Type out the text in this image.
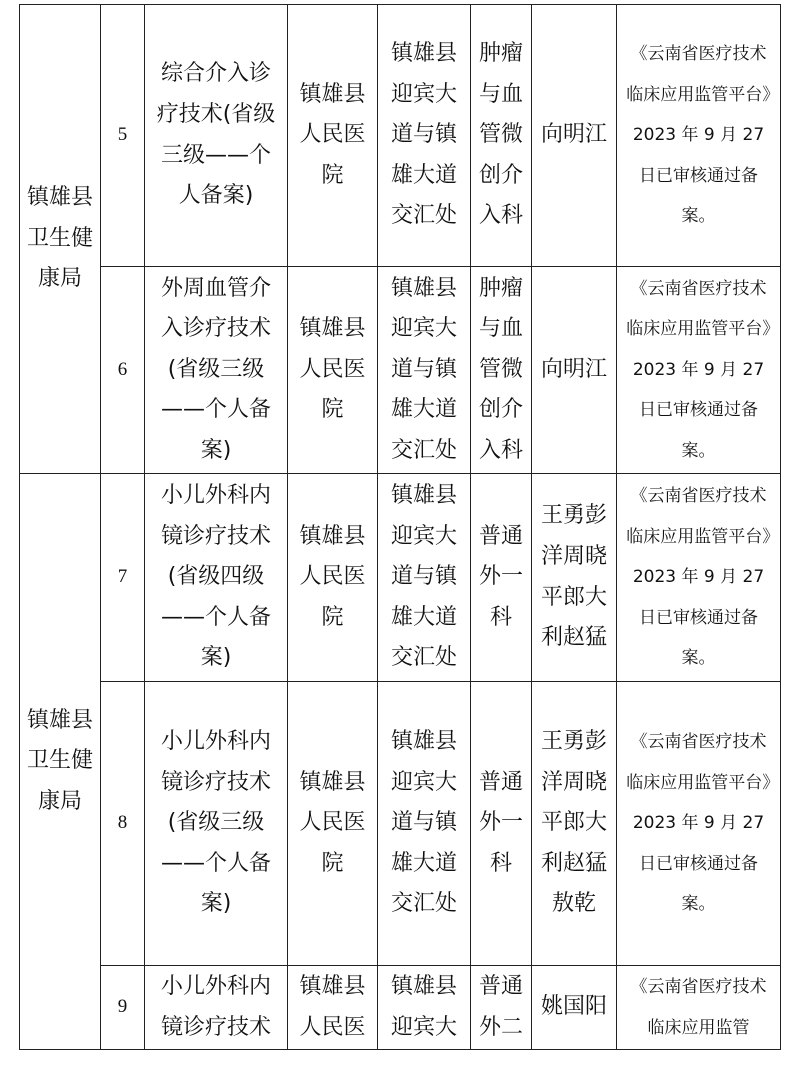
镇雄县卫生健康局	5	综合介入诊疗技术(省级三级——个人备案)	镇雄县人民医院	镇雄县迎宾大道与镇雄大道交汇处	肿瘤与血管微创介入科	向明江	《云南省医疗技术临床应用监管平台》2023 年 9 月 27 日已审核通过备案。
	6	外周血管介入诊疗技术(省级三级——个人备案)	镇雄县人民医院	镇雄县迎宾大道与镇雄大道交汇处	肿瘤与血管微创介入科	向明江	《云南省医疗技术临床应用监管平台》2023 年 9 月 27 日已审核通过备案。
镇雄县卫生健康局	7	小儿外科内镜诊疗技术(省级四级——个人备案)	镇雄县人民医院	镇雄县迎宾大道与镇雄大道交汇处	普通外一科	王勇彭洋周晓平郎大利赵猛	《云南省医疗技术临床应用监管平台》2023 年 9 月 27 日已审核通过备案。
	8	小儿外科内镜诊疗技术(省级三级——个人备案)	镇雄县人民医院	镇雄县迎宾大道与镇雄大道交汇处	普通外一科	王勇彭洋周晓平郎大利赵猛敖乾	《云南省医疗技术临床应用监管平台》2023 年 9 月 27 日已审核通过备案。
	9	小儿外科内镜诊疗技术	镇雄县人民医	镇雄县迎宾大	普通外二	姚国阳	《云南省医疗技术临床应用监管
